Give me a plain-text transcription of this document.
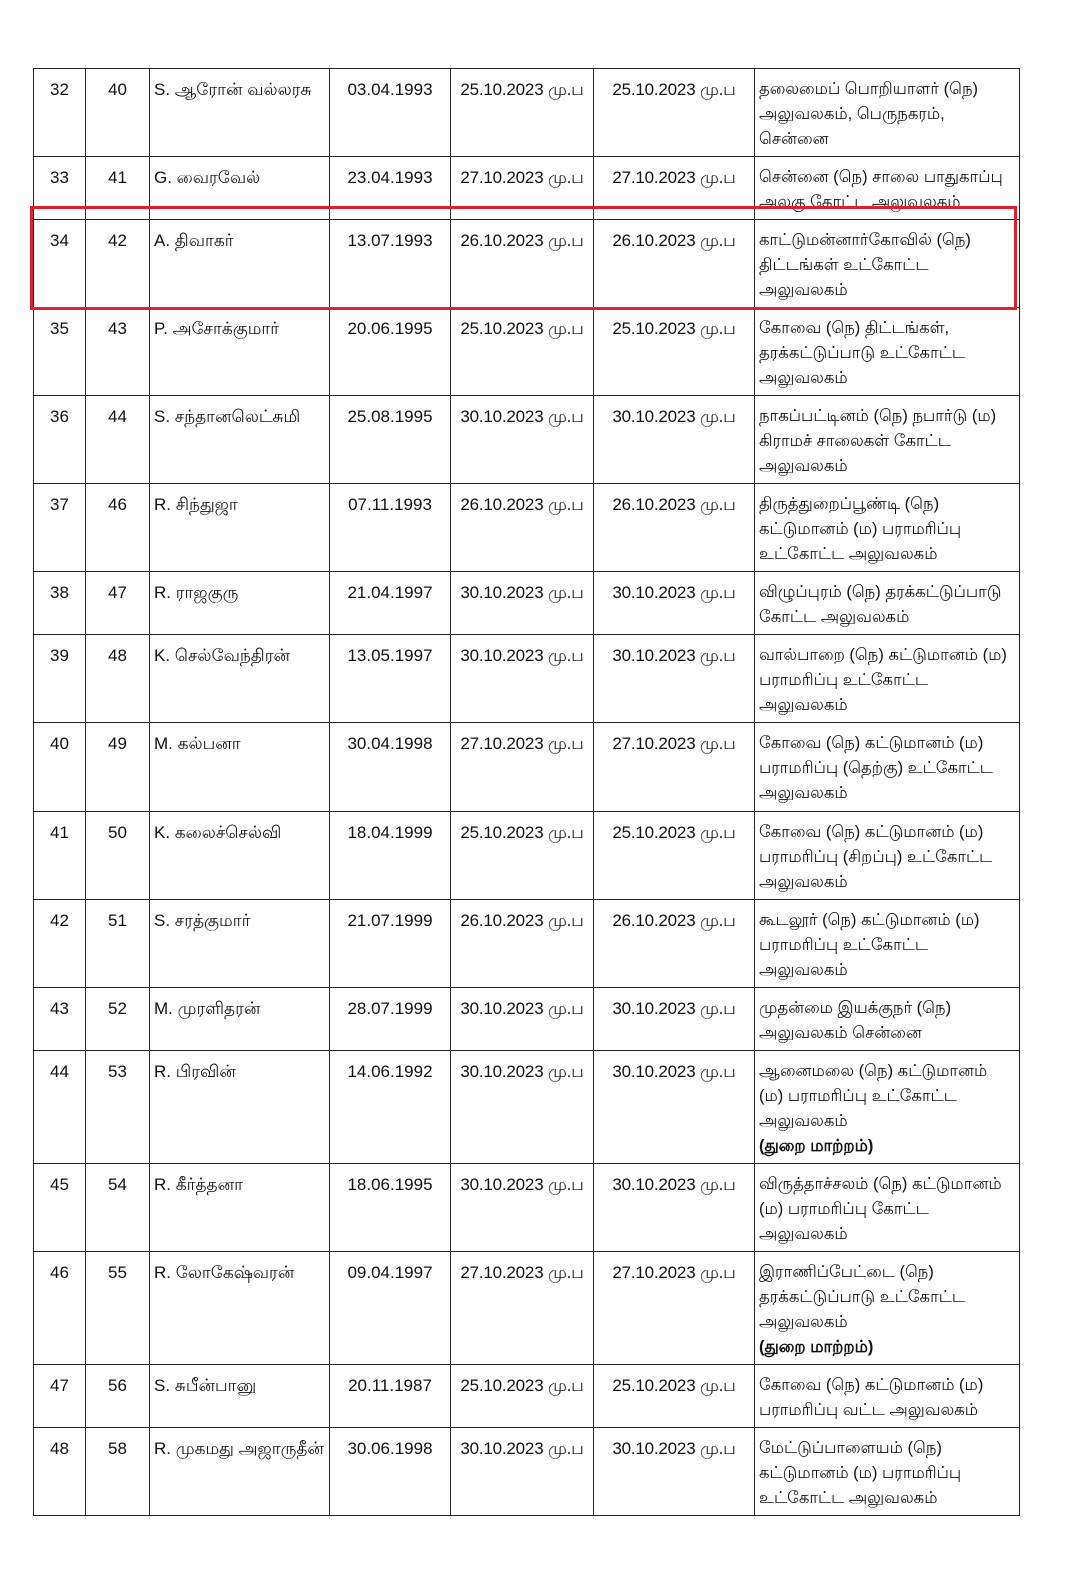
32	40	S. ஆரோன் வல்லரசு	03.04.1993	25.10.2023 மு.ப	25.10.2023 மு.ப	தலைமைப் பொறியாளர் (நெ) அலுவலகம், பெருநகரம், சென்னை
33	41	G. வைரவேல்	23.04.1993	27.10.2023 மு.ப	27.10.2023 மு.ப	சென்னை (நெ) சாலை பாதுகாப்பு அலகு கோட்ட அலுவலகம்
34	42	A. திவாகர்	13.07.1993	26.10.2023 மு.ப	26.10.2023 மு.ப	காட்டுமன்னார்கோவில் (நெ) திட்டங்கள் உட்கோட்ட அலுவலகம்
35	43	P. அசோக்குமார்	20.06.1995	25.10.2023 மு.ப	25.10.2023 மு.ப	கோவை (நெ) திட்டங்கள், தரக்கட்டுப்பாடு உட்கோட்ட அலுவலகம்
36	44	S. சந்தானலெட்சுமி	25.08.1995	30.10.2023 மு.ப	30.10.2023 மு.ப	நாகப்பட்டினம் (நெ) நபார்டு (ம) கிராமச் சாலைகள் கோட்ட அலுவலகம்
37	46	R. சிந்துஜா	07.11.1993	26.10.2023 மு.ப	26.10.2023 மு.ப	திருத்துறைப்பூண்டி (நெ) கட்டுமானம் (ம) பராமரிப்பு உட்கோட்ட அலுவலகம்
38	47	R. ராஜகுரு	21.04.1997	30.10.2023 மு.ப	30.10.2023 மு.ப	விழுப்புரம் (நெ) தரக்கட்டுப்பாடு கோட்ட அலுவலகம்
39	48	K. செல்வேந்திரன்	13.05.1997	30.10.2023 மு.ப	30.10.2023 மு.ப	வால்பாறை (நெ) கட்டுமானம் (ம) பராமரிப்பு உட்கோட்ட அலுவலகம்
40	49	M. கல்பனா	30.04.1998	27.10.2023 மு.ப	27.10.2023 மு.ப	கோவை (நெ) கட்டுமானம் (ம) பராமரிப்பு (தெற்கு) உட்கோட்ட அலுவலகம்
41	50	K. கலைச்செல்வி	18.04.1999	25.10.2023 மு.ப	25.10.2023 மு.ப	கோவை (நெ) கட்டுமானம் (ம) பராமரிப்பு (சிறப்பு) உட்கோட்ட அலுவலகம்
42	51	S. சரத்குமார்	21.07.1999	26.10.2023 மு.ப	26.10.2023 மு.ப	கூடலூர் (நெ) கட்டுமானம் (ம) பராமரிப்பு உட்கோட்ட அலுவலகம்
43	52	M. முரளிதரன்	28.07.1999	30.10.2023 மு.ப	30.10.2023 மு.ப	முதன்மை இயக்குநர் (நெ) அலுவலகம் சென்னை
44	53	R. பிரவின்	14.06.1992	30.10.2023 மு.ப	30.10.2023 மு.ப	ஆனைமலை (நெ) கட்டுமானம் (ம) பராமரிப்பு உட்கோட்ட அலுவலகம்
(துறை மாற்றம்)

45	54	R. கீர்த்தனா	18.06.1995	30.10.2023 மு.ப	30.10.2023 மு.ப	விருத்தாச்சலம் (நெ) கட்டுமானம் (ம) பராமரிப்பு கோட்ட அலுவலகம்
46	55	R. லோகேஷ்வரன்	09.04.1997	27.10.2023 மு.ப	27.10.2023 மு.ப	இராணிப்பேட்டை (நெ) தரக்கட்டுப்பாடு உட்கோட்ட அலுவலகம்
(துறை மாற்றம்)

47	56	S. சுபீன்பானு	20.11.1987	25.10.2023 மு.ப	25.10.2023 மு.ப	கோவை (நெ) கட்டுமானம் (ம) பராமரிப்பு வட்ட அலுவலகம்
48	58	R. முகமது அஜாருதீன்	30.06.1998	30.10.2023 மு.ப	30.10.2023 மு.ப	மேட்டுப்பாளையம் (நெ) கட்டுமானம் (ம) பராமரிப்பு உட்கோட்ட அலுவலகம்
